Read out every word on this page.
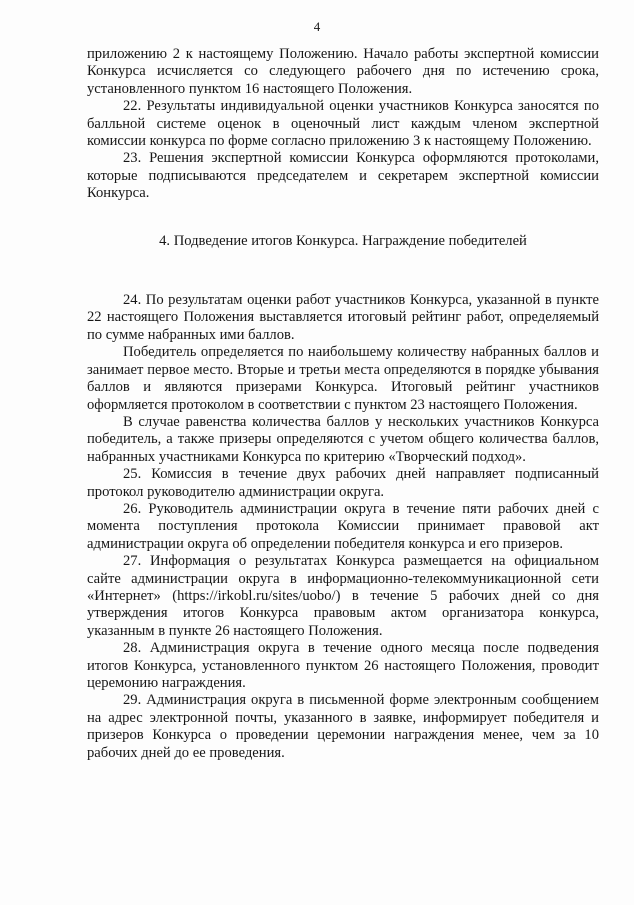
4

приложению 2 к настоящему Положению. Начало работы экспертной комиссии Конкурса исчисляется со следующего рабочего дня по истечению срока, установленного пунктом 16 настоящего Положения.

22. Результаты индивидуальной оценки участников Конкурса заносятся по балльной системе оценок в оценочный лист каждым членом экспертной комиссии конкурса по форме согласно приложению 3 к настоящему Положению.

23. Решения экспертной комиссии Конкурса оформляются протоколами, которые подписываются председателем и секретарем экспертной комиссии Конкурса.

4. Подведение итогов Конкурса. Награждение победителей

24. По результатам оценки работ участников Конкурса, указанной в пункте 22 настоящего Положения выставляется итоговый рейтинг работ, определяемый по сумме набранных ими баллов.

Победитель определяется по наибольшему количеству набранных баллов и занимает первое место. Вторые и третьи места определяются в порядке убывания баллов и являются призерами Конкурса. Итоговый рейтинг участников оформляется протоколом в соответствии с пунктом 23 настоящего Положения.

В случае равенства количества баллов у нескольких участников Конкурса победитель, а также призеры определяются с учетом общего количества баллов, набранных участниками Конкурса по критерию «Творческий подход».

25. Комиссия в течение двух рабочих дней направляет подписанный протокол руководителю администрации округа.

26. Руководитель администрации округа в течение пяти рабочих дней с момента поступления протокола Комиссии принимает правовой акт администрации округа об определении победителя конкурса и его призеров.

27. Информация о результатах Конкурса размещается на официальном сайте администрации округа в информационно-телекоммуникационной сети «Интернет» (https://irkobl.ru/sites/uobo/) в течение 5 рабочих дней со дня утверждения итогов Конкурса правовым актом организатора конкурса, указанным в пункте 26 настоящего Положения.

28. Администрация округа в течение одного месяца после подведения итогов Конкурса, установленного пунктом 26 настоящего Положения, проводит церемонию награждения.

29. Администрация округа в письменной форме электронным сообщением на адрес электронной почты, указанного в заявке, информирует победителя и призеров Конкурса о проведении церемонии награждения менее, чем за 10 рабочих дней до ее проведения.
